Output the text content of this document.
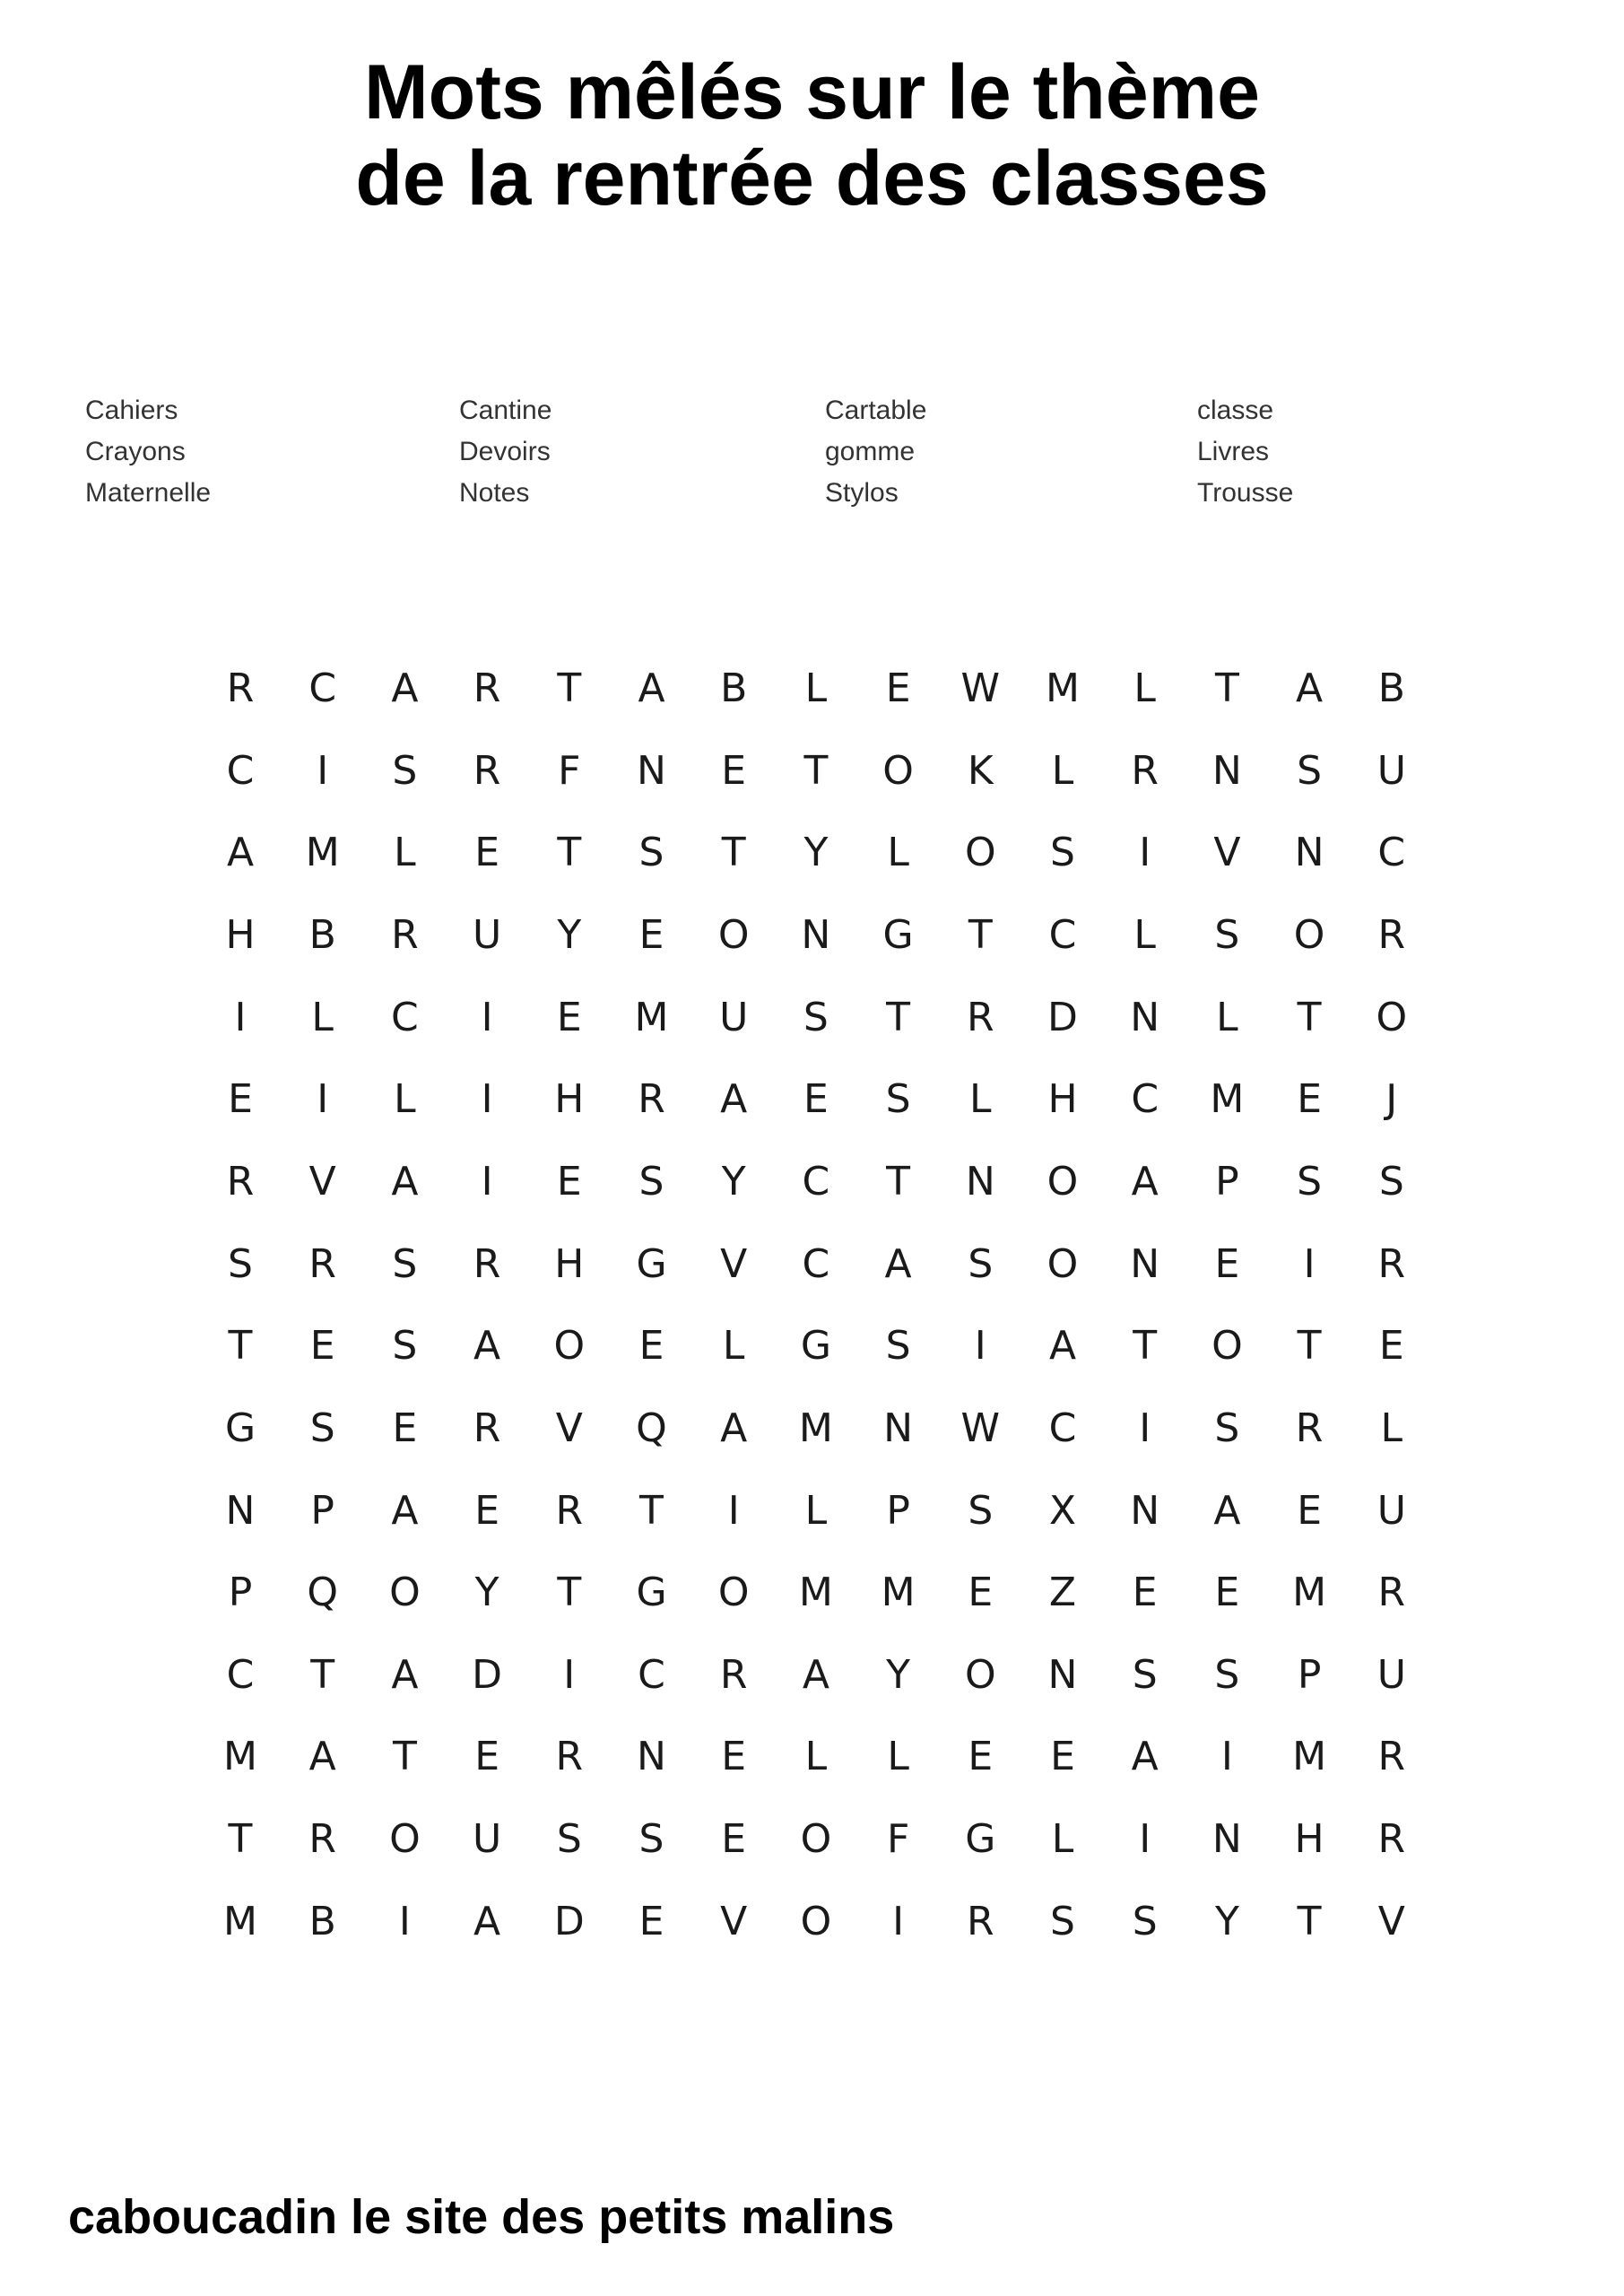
Mots mêlés sur le thème
de la rentrée des classes
Cahiers	Cantine	Cartable	classe
Crayons	Devoirs	gomme	Livres
Maternelle	Notes	Stylos	Trousse
R	C	A	R	T	A	B	L	E	W	M	L	T	A	B
C	I	S	R	F	N	E	T	O	K	L	R	N	S	U
A	M	L	E	T	S	T	Y	L	O	S	I	V	N	C
H	B	R	U	Y	E	O	N	G	T	C	L	S	O	R
I	L	C	I	E	M	U	S	T	R	D	N	L	T	O
E	I	L	I	H	R	A	E	S	L	H	C	M	E	J
R	V	A	I	E	S	Y	C	T	N	O	A	P	S	S
S	R	S	R	H	G	V	C	A	S	O	N	E	I	R
T	E	S	A	O	E	L	G	S	I	A	T	O	T	E
G	S	E	R	V	Q	A	M	N	W	C	I	S	R	L
N	P	A	E	R	T	I	L	P	S	X	N	A	E	U
P	Q	O	Y	T	G	O	M	M	E	Z	E	E	M	R
C	T	A	D	I	C	R	A	Y	O	N	S	S	P	U
M	A	T	E	R	N	E	L	L	E	E	A	I	M	R
T	R	O	U	S	S	E	O	F	G	L	I	N	H	R
M	B	I	A	D	E	V	O	I	R	S	S	Y	T	V
caboucadin le site des petits malins
